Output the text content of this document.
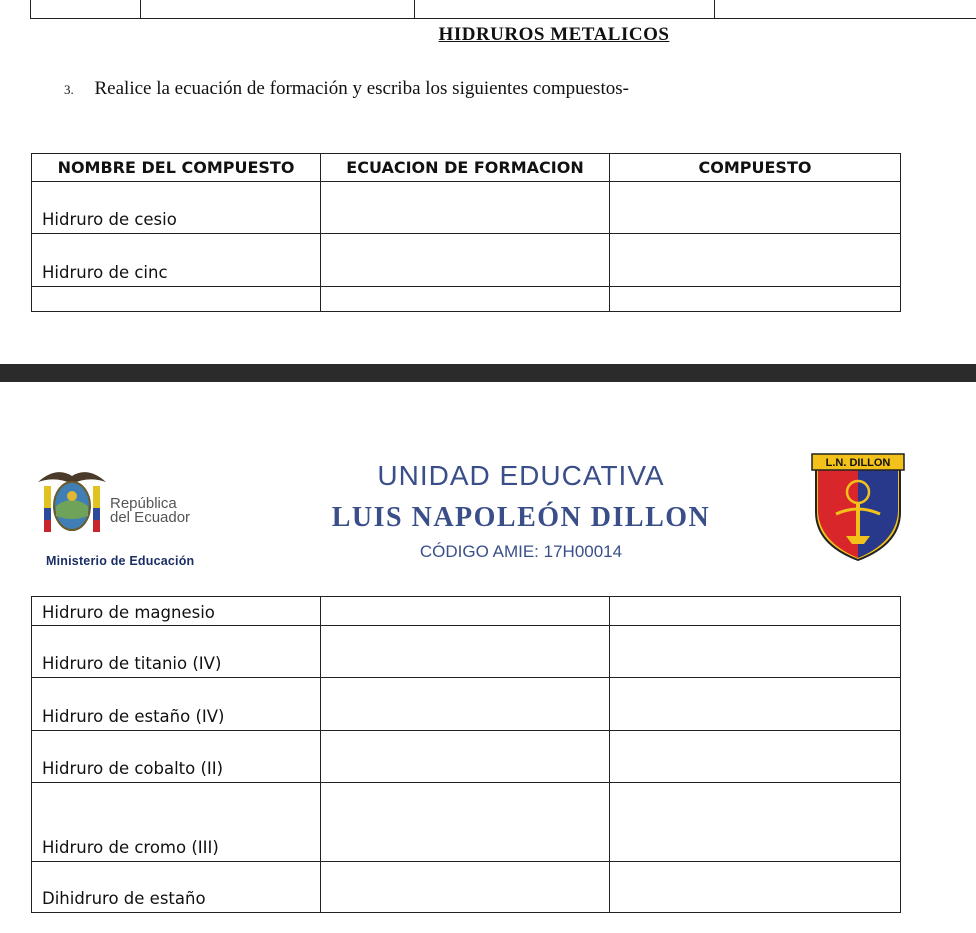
HIDRUROS METALICOS
3. Realice la ecuación de formación y escriba los siguientes compuestos-
NOMBRE DEL COMPUESTO	ECUACION DE FORMACION	COMPUESTO
Hidruro de cesio		
Hidruro de cinc		

República
del Ecuador
Ministerio de Educación
UNIDAD EDUCATIVA
LUIS NAPOLEÓN DILLON
CÓDIGO AMIE: 17H00014
L.N. DILLON
Hidruro de magnesio		
Hidruro de titanio (IV)		
Hidruro de estaño (IV)		
Hidruro de cobalto (II)		
Hidruro de cromo (III)		
Dihidruro de estaño		
